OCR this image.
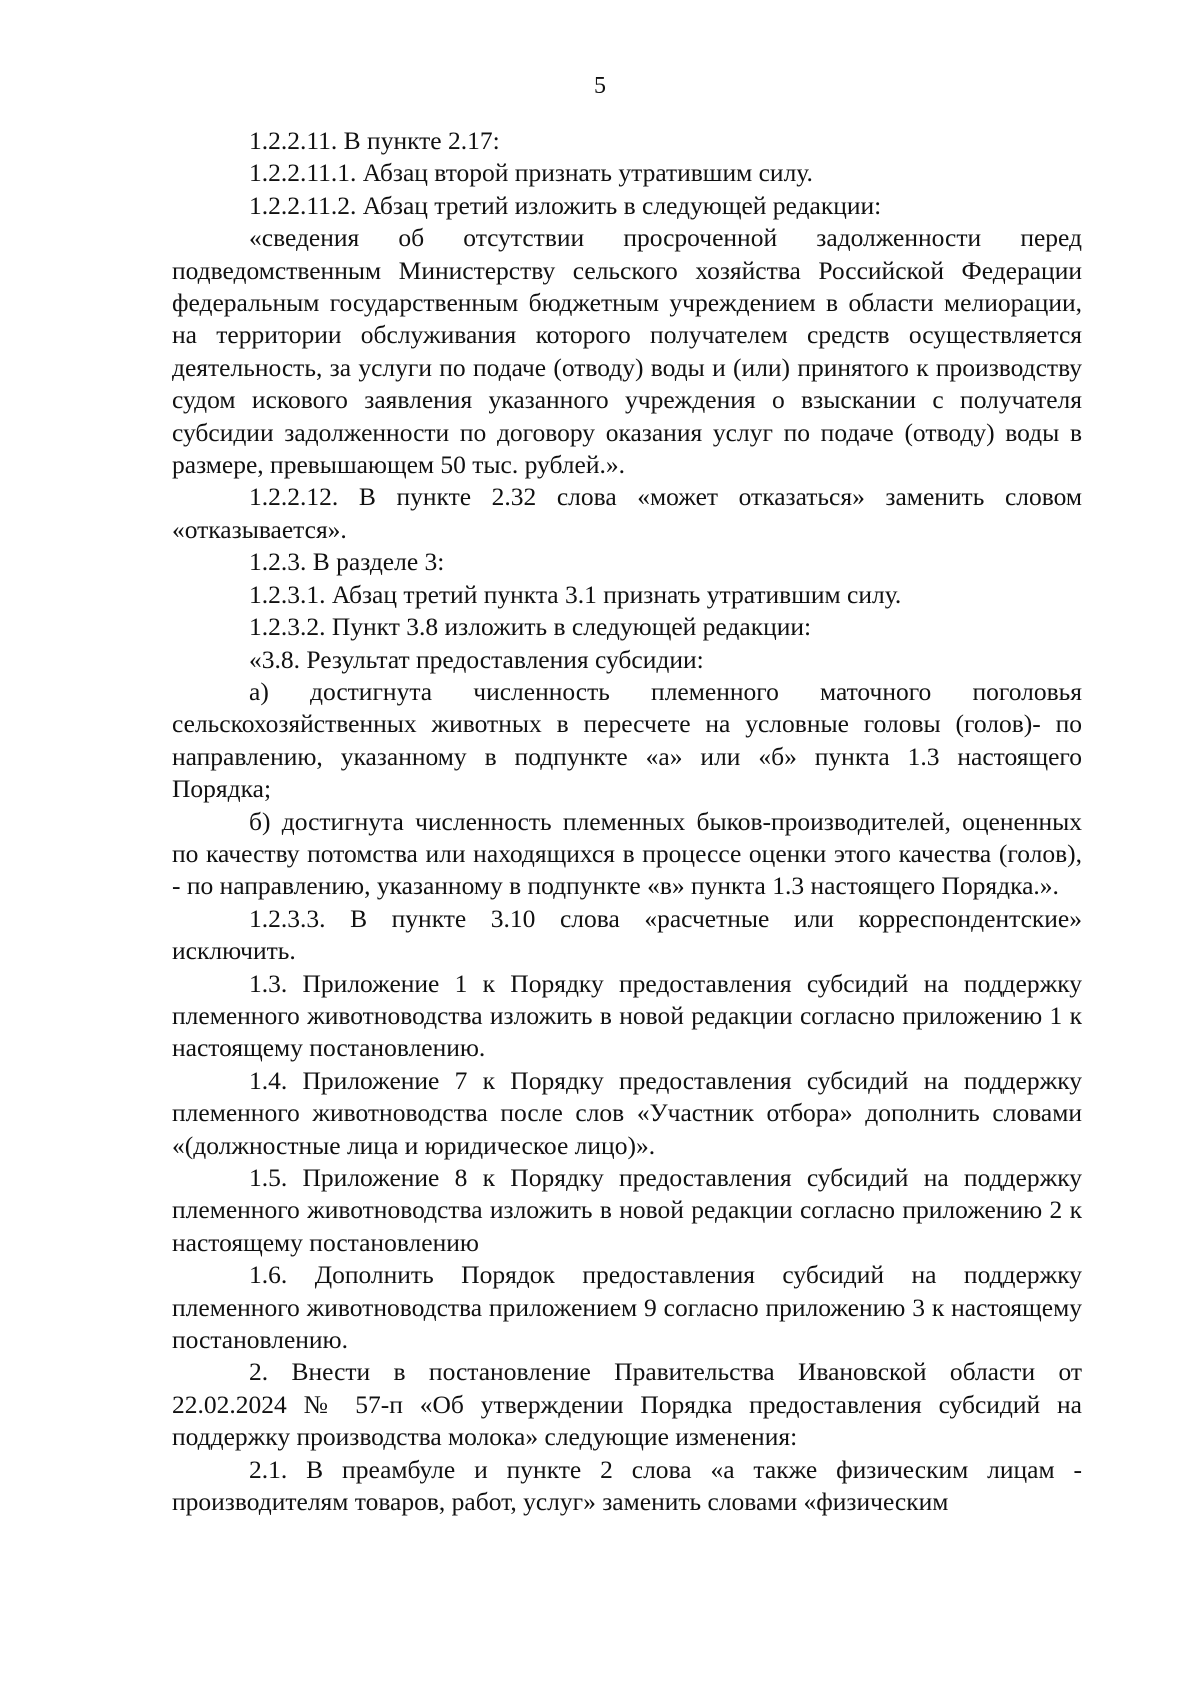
5

1.2.2.11. В пункте 2.17:

1.2.2.11.1. Абзац второй признать утратившим силу.

1.2.2.11.2. Абзац третий изложить в следующей редакции:

«сведения об отсутствии просроченной задолженности перед подведомственным Министерству сельского хозяйства Российской Федерации федеральным государственным бюджетным учреждением в области мелиорации, на территории обслуживания которого получателем средств осуществляется деятельность, за услуги по подаче (отводу) воды и (или) принятого к производству судом искового заявления указанного учреждения о взыскании с получателя субсидии задолженности по договору оказания услуг по подаче (отводу) воды в размере, превышающем 50 тыс. рублей.».

1.2.2.12. В пункте 2.32 слова «может отказаться» заменить словом «отказывается».

1.2.3. В разделе 3:

1.2.3.1. Абзац третий пункта 3.1 признать утратившим силу.

1.2.3.2. Пункт 3.8 изложить в следующей редакции:

«3.8. Результат предоставления субсидии:

а) достигнута численность племенного маточного поголовья сельскохозяйственных животных в пересчете на условные головы (голов)- по направлению, указанному в подпункте «а» или «б» пункта 1.3 настоящего Порядка;

б) достигнута численность племенных быков-производителей, оцененных по качеству потомства или находящихся в процессе оценки этого качества (голов), - по направлению, указанному в подпункте «в» пункта 1.3 настоящего Порядка.».

1.2.3.3. В пункте 3.10 слова «расчетные или корреспондентские» исключить.

1.3. Приложение 1 к Порядку предоставления субсидий на поддержку племенного животноводства изложить в новой редакции согласно приложению 1 к настоящему постановлению.

1.4. Приложение 7 к Порядку предоставления субсидий на поддержку племенного животноводства после слов «Участник отбора» дополнить словами «(должностные лица и юридическое лицо)».

1.5. Приложение 8 к Порядку предоставления субсидий на поддержку племенного животноводства изложить в новой редакции согласно приложению 2 к настоящему постановлению

1.6. Дополнить Порядок предоставления субсидий на поддержку племенного животноводства приложением 9 согласно приложению 3 к настоящему постановлению.

2. Внести в постановление Правительства Ивановской области от 22.02.2024 № 57-п «Об утверждении Порядка предоставления субсидий на поддержку производства молока» следующие изменения:

2.1. В преамбуле и пункте 2 слова «а также физическим лицам - производителям товаров, работ, услуг» заменить словами «физическим
